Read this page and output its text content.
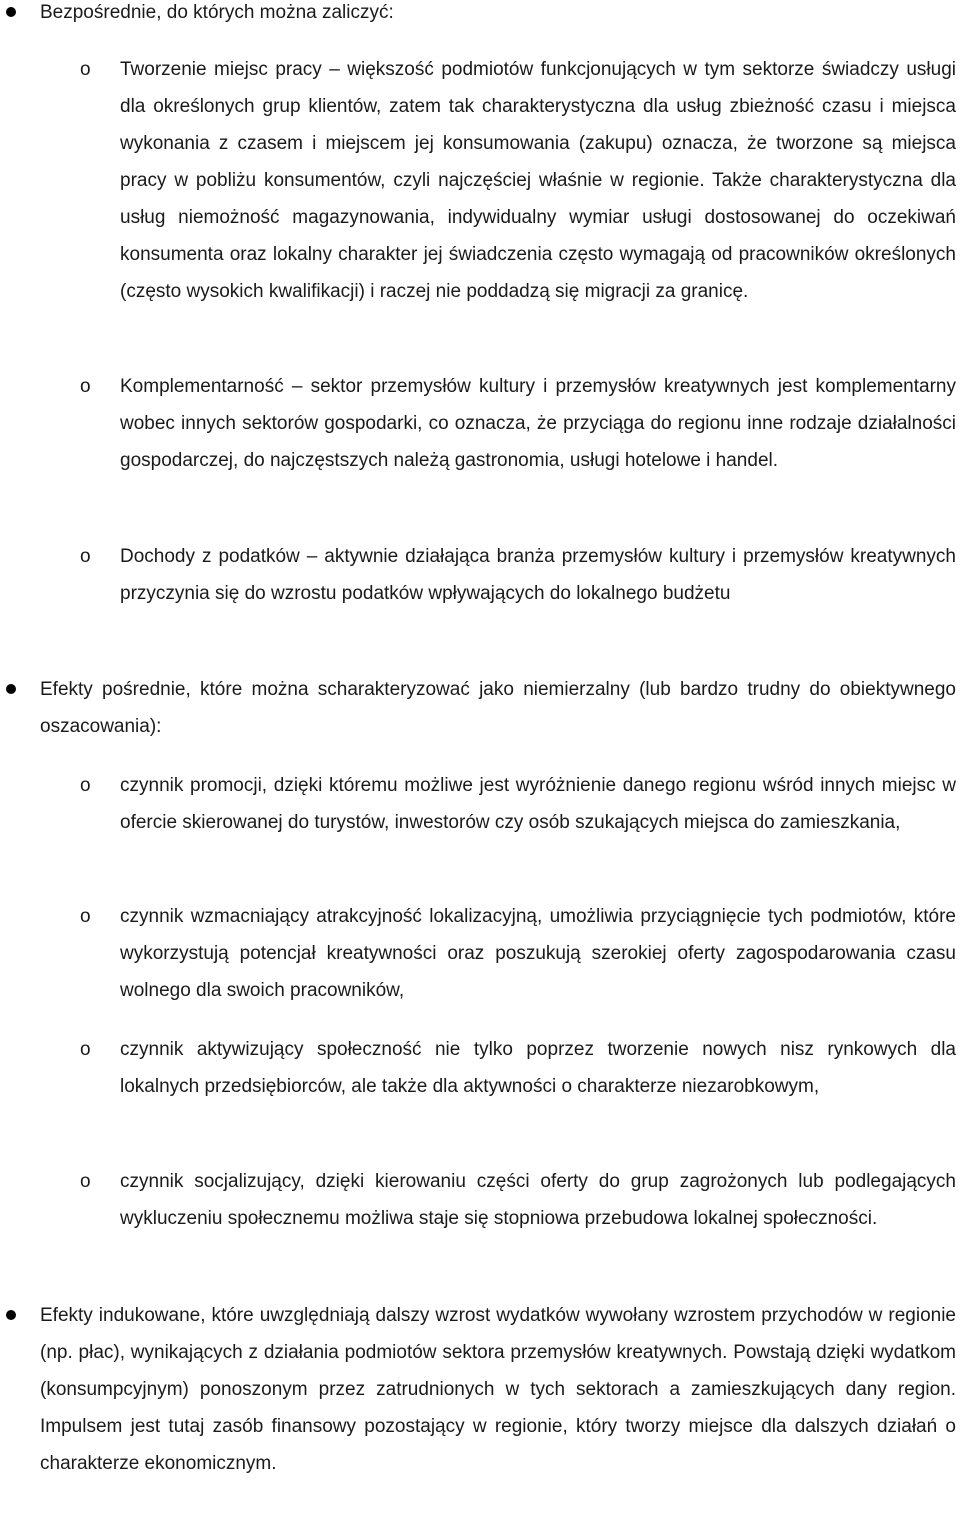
Bezpośrednie, do których można zaliczyć:
o Tworzenie miejsc pracy – większość podmiotów funkcjonujących w tym sektorze świadczy usługi dla określonych grup klientów, zatem tak charakterystyczna dla usług zbieżność czasu i miejsca wykonania z czasem i miejscem jej konsumowania (zakupu) oznacza, że tworzone są miejsca pracy w pobliżu konsumentów, czyli najczęściej właśnie w regionie. Także charakterystyczna dla usług niemożność magazynowania, indywidualny wymiar usługi dostosowanej do oczekiwań konsumenta oraz lokalny charakter jej świadczenia często wymagają od pracowników określonych (często wysokich kwalifikacji) i raczej nie poddadzą się migracji za granicę.
o Komplementarność – sektor przemysłów kultury i przemysłów kreatywnych jest komplementarny wobec innych sektorów gospodarki, co oznacza, że przyciąga do regionu inne rodzaje działalności gospodarczej, do najczęstszych należą gastronomia, usługi hotelowe i handel.
o Dochody z podatków – aktywnie działająca branża przemysłów kultury i przemysłów kreatywnych przyczynia się do wzrostu podatków wpływających do lokalnego budżetu
Efekty pośrednie, które można scharakteryzować jako niemierzalny (lub bardzo trudny do obiektywnego oszacowania):
o czynnik promocji, dzięki któremu możliwe jest wyróżnienie danego regionu wśród innych miejsc w ofercie skierowanej do turystów, inwestorów czy osób szukających miejsca do zamieszkania,
o czynnik wzmacniający atrakcyjność lokalizacyjną, umożliwia przyciągnięcie tych podmiotów, które wykorzystują potencjał kreatywności oraz poszukują szerokiej oferty zagospodarowania czasu wolnego dla swoich pracowników,
o czynnik aktywizujący społeczność nie tylko poprzez tworzenie nowych nisz rynkowych dla lokalnych przedsiębiorców, ale także dla aktywności o charakterze niezarobkowym,
o czynnik socjalizujący, dzięki kierowaniu części oferty do grup zagrożonych lub podlegających wykluczeniu społecznemu możliwa staje się stopniowa przebudowa lokalnej społeczności.
Efekty indukowane, które uwzględniają dalszy wzrost wydatków wywołany wzrostem przychodów w regionie (np. płac), wynikających z działania podmiotów sektora przemysłów kreatywnych. Powstają dzięki wydatkom (konsumpcyjnym) ponoszonym przez zatrudnionych w tych sektorach a zamieszkujących dany region. Impulsem jest tutaj zasób finansowy pozostający w regionie, który tworzy miejsce dla dalszych działań o charakterze ekonomicznym.
